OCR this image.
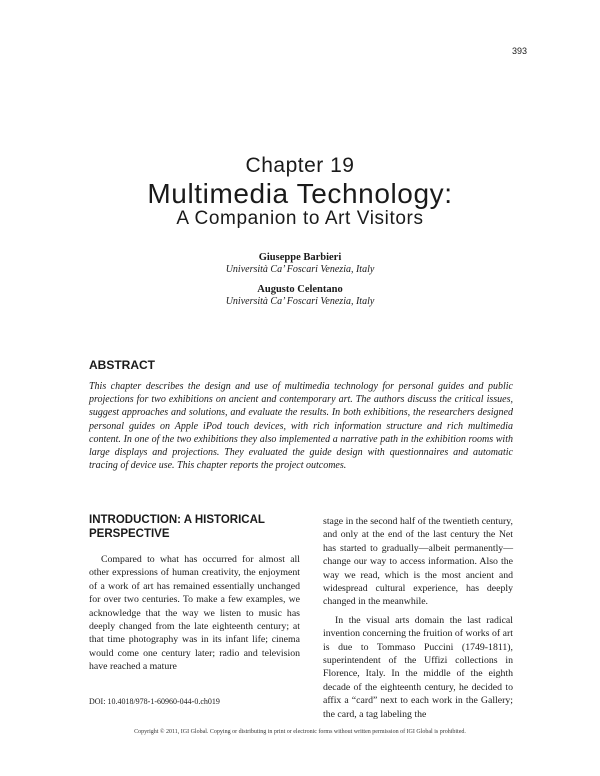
393
Chapter 19
Multimedia Technology:
A Companion to Art Visitors
Giuseppe Barbieri
Università Ca’ Foscari Venezia, Italy
Augusto Celentano
Università Ca’ Foscari Venezia, Italy
ABSTRACT

This chapter describes the design and use of multimedia technology for personal guides and public projections for two exhibitions on ancient and contemporary art. The authors discuss the critical issues, suggest approaches and solutions, and evaluate the results. In both exhibitions, the researchers designed personal guides on Apple iPod touch devices, with rich information structure and rich multimedia content. In one of the two exhibitions they also implemented a narrative path in the exhibition rooms with large displays and projections. They evaluated the guide design with questionnaires and automatic tracing of device use. This chapter reports the project outcomes.

INTRODUCTION: A HISTORICAL PERSPECTIVE

Compared to what has occurred for almost all other expressions of human creativity, the enjoyment of a work of art has remained essentially unchanged for over two centuries. To make a few examples, we acknowledge that the way we listen to music has deeply changed from the late eighteenth century; at that time photography was in its infant life; cinema would come one century later; radio and television have reached a mature

stage in the second half of the twentieth century, and only at the end of the last century the Net has started to gradually—albeit permanently—change our way to access information. Also the way we read, which is the most ancient and widespread cultural experience, has deeply changed in the meanwhile.

In the visual arts domain the last radical invention concerning the fruition of works of art is due to Tommaso Puccini (1749-1811), superintendent of the Uffizi collections in Florence, Italy. In the middle of the eighth decade of the eighteenth century, he decided to affix a “card” next to each work in the Gallery; the card, a tag labeling the

DOI: 10.4018/978-1-60960-044-0.ch019
Copyright © 2011, IGI Global. Copying or distributing in print or electronic forms without written permission of IGI Global is prohibited.
